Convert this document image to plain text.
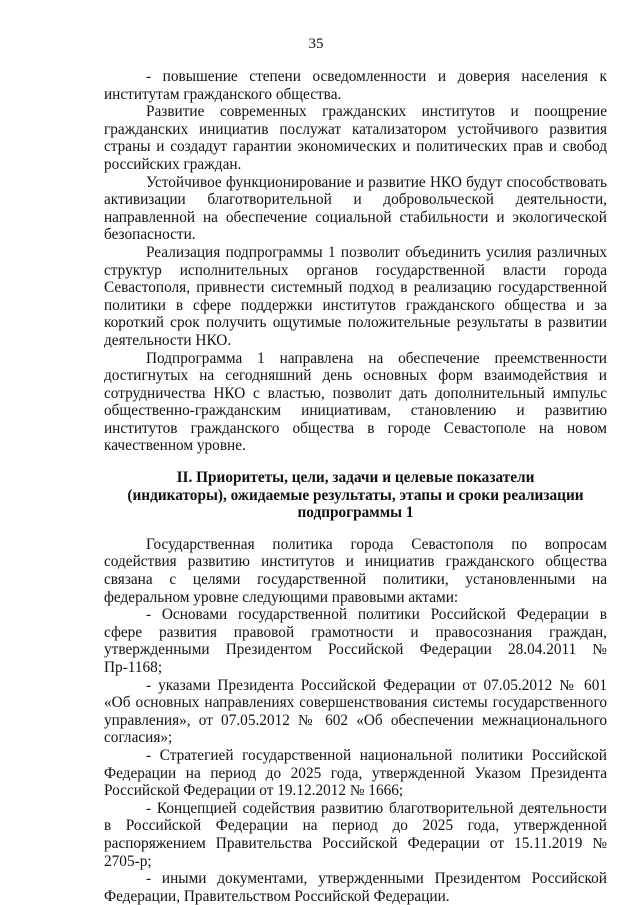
35

- повышение степени осведомленности и доверия населения к институтам гражданского общества.

Развитие современных гражданских институтов и поощрение гражданских инициатив послужат катализатором устойчивого развития страны и создадут гарантии экономических и политических прав и свобод российских граждан.

Устойчивое функционирование и развитие НКО будут способствовать активизации благотворительной и добровольческой деятельности, направленной на обеспечение социальной стабильности и экологической безопасности.

Реализация подпрограммы 1 позволит объединить усилия различных структур исполнительных органов государственной власти города Севастополя, привнести системный подход в реализацию государственной политики в сфере поддержки институтов гражданского общества и за короткий срок получить ощутимые положительные результаты в развитии деятельности НКО.

Подпрограмма 1 направлена на обеспечение преемственности достигнутых на сегодняшний день основных форм взаимодействия и сотрудничества НКО с властью, позволит дать дополнительный импульс общественно-гражданским инициативам, становлению и развитию институтов гражданского общества в городе Севастополе на новом качественном уровне.

II. Приоритеты, цели, задачи и целевые показатели
(индикаторы), ожидаемые результаты, этапы и сроки реализации
подпрограммы 1

Государственная политика города Севастополя по вопросам содействия развитию институтов и инициатив гражданского общества связана с целями государственной политики, установленными на федеральном уровне следующими правовыми актами:

- Основами государственной политики Российской Федерации в сфере развития правовой грамотности и правосознания граждан, утвержденными Президентом Российской Федерации 28.04.2011 № Пр-1168;

- указами Президента Российской Федерации от 07.05.2012 № 601 «Об основных направлениях совершенствования системы государственного управления», от 07.05.2012 № 602 «Об обеспечении межнационального согласия»;

- Стратегией государственной национальной политики Российской Федерации на период до 2025 года, утвержденной Указом Президента Российской Федерации от 19.12.2012 № 1666;

- Концепцией содействия развитию благотворительной деятельности в Российской Федерации на период до 2025 года, утвержденной распоряжением Правительства Российской Федерации от 15.11.2019 № 2705-р;

- иными документами, утвержденными Президентом Российской Федерации, Правительством Российской Федерации.
